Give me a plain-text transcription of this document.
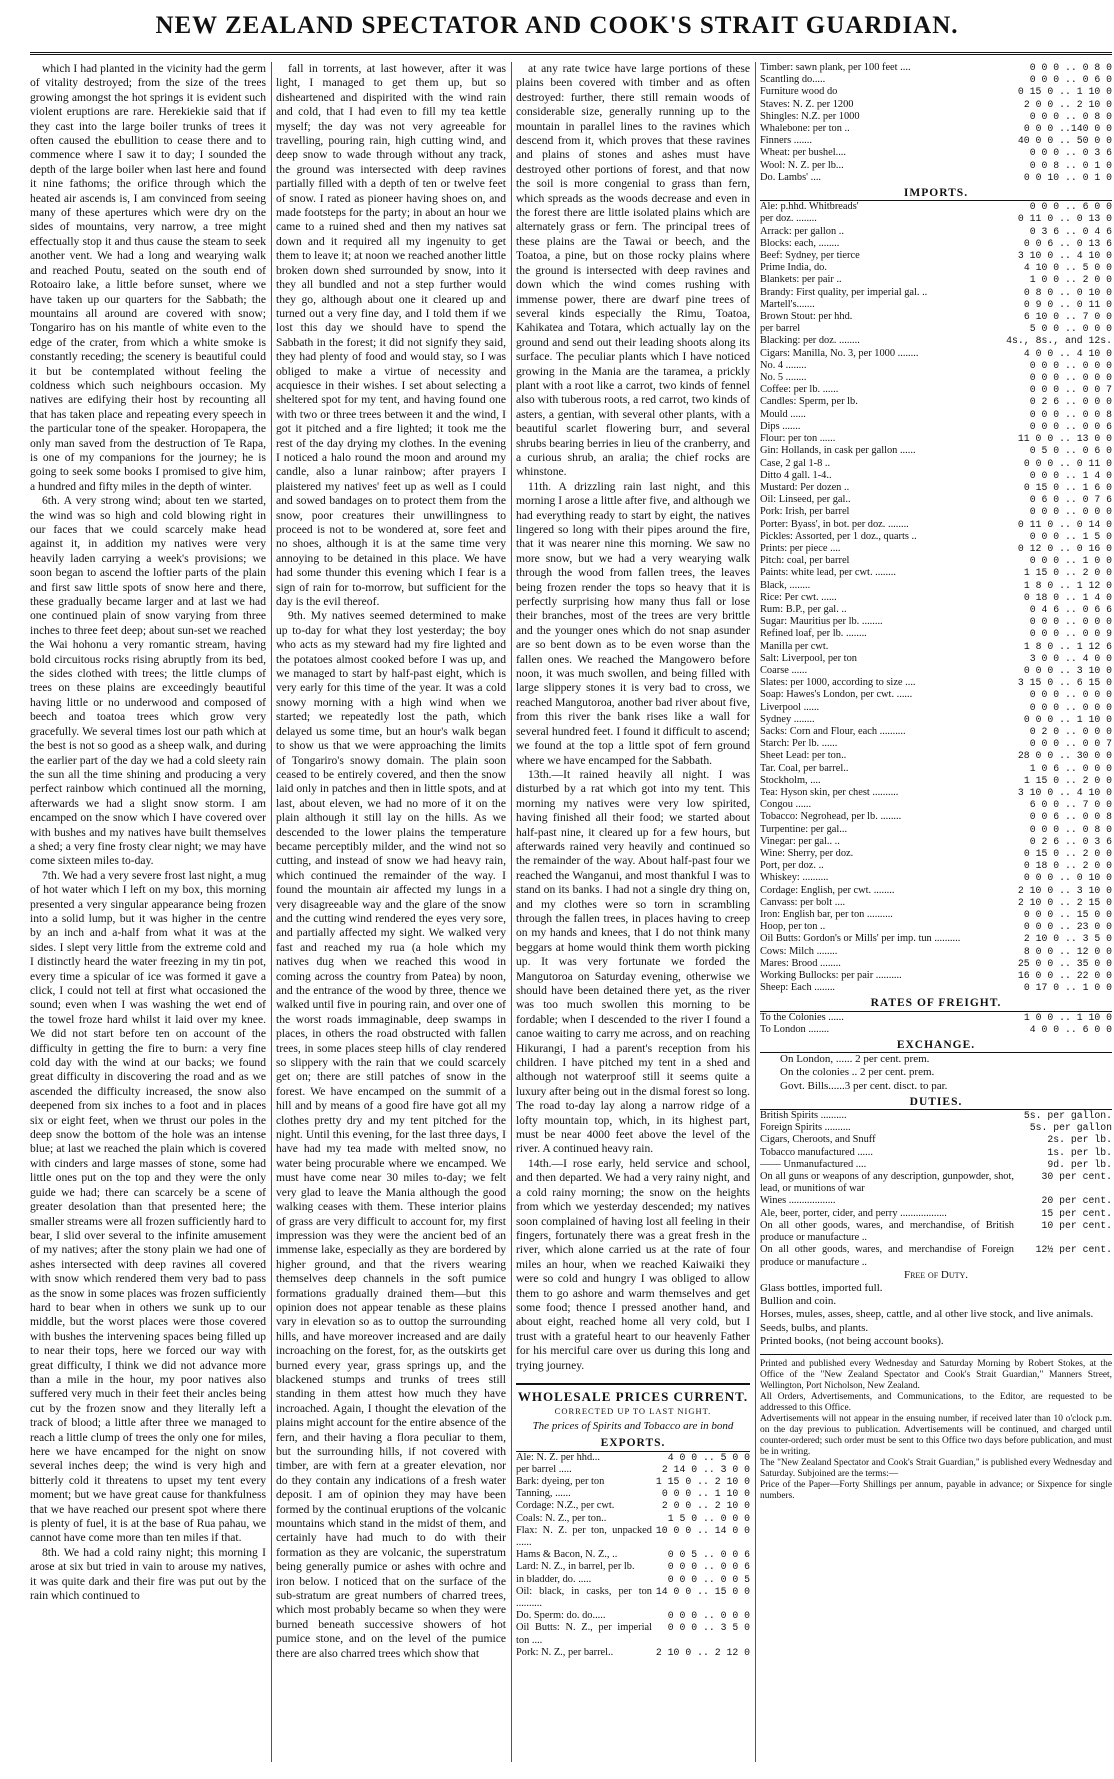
NEW ZEALAND SPECTATOR AND COOK'S STRAIT GUARDIAN.

which I had planted in the vicinity had the germ of vitality destroyed; from the size of the trees growing amongst the hot springs it is evident such violent eruptions are rare. Herekiekie said that if they cast into the large boiler trunks of trees it often caused the ebullition to cease there and to commence where I saw it to day; I sounded the depth of the large boiler when last here and found it nine fathoms; the orifice through which the heated air ascends is, I am convinced from seeing many of these apertures which were dry on the sides of mountains, very narrow, a tree might effectually stop it and thus cause the steam to seek another vent. We had a long and wearying walk and reached Poutu, seated on the south end of Rotoairo lake, a little before sunset, where we have taken up our quarters for the Sabbath; the mountains all around are covered with snow; Tongariro has on his mantle of white even to the edge of the crater, from which a white smoke is constantly receding; the scenery is beautiful could it but be contemplated without feeling the coldness which such neighbours occasion. My natives are edifying their host by recounting all that has taken place and repeating every speech in the particular tone of the speaker. Horopapera, the only man saved from the destruction of Te Rapa, is one of my companions for the journey; he is going to seek some books I promised to give him, a hundred and fifty miles in the depth of winter.

6th. A very strong wind; about ten we started, the wind was so high and cold blowing right in our faces that we could scarcely make head against it, in addition my natives were very heavily laden carrying a week's provisions; we soon began to ascend the loftier parts of the plain and first saw little spots of snow here and there, these gradually became larger and at last we had one continued plain of snow varying from three inches to three feet deep; about sun-set we reached the Wai hohonu a very romantic stream, having bold circuitous rocks rising abruptly from its bed, the sides clothed with trees; the little clumps of trees on these plains are exceedingly beautiful having little or no underwood and composed of beech and toatoa trees which grow very gracefully. We several times lost our path which at the best is not so good as a sheep walk, and during the earlier part of the day we had a cold sleety rain the sun all the time shining and producing a very perfect rainbow which continued all the morning, afterwards we had a slight snow storm. I am encamped on the snow which I have covered over with bushes and my natives have built themselves a shed; a very fine frosty clear night; we may have come sixteen miles to-day.

7th. We had a very severe frost last night, a mug of hot water which I left on my box, this morning presented a very singular appearance being frozen into a solid lump, but it was higher in the centre by an inch and a-half from what it was at the sides. I slept very little from the extreme cold and I distinctly heard the water freezing in my tin pot, every time a spicular of ice was formed it gave a click, I could not tell at first what occasioned the sound; even when I was washing the wet end of the towel froze hard whilst it laid over my knee. We did not start before ten on account of the difficulty in getting the fire to burn: a very fine cold day with the wind at our backs; we found great difficulty in discovering the road and as we ascended the difficulty increased, the snow also deepened from six inches to a foot and in places six or eight feet, when we thrust our poles in the deep snow the bottom of the hole was an intense blue; at last we reached the plain which is covered with cinders and large masses of stone, some had little ones put on the top and they were the only guide we had; there can scarcely be a scene of greater desolation than that presented here; the smaller streams were all frozen sufficiently hard to bear, I slid over several to the infinite amusement of my natives; after the stony plain we had one of ashes intersected with deep ravines all covered with snow which rendered them very bad to pass as the snow in some places was frozen sufficiently hard to bear when in others we sunk up to our middle, but the worst places were those covered with bushes the intervening spaces being filled up to near their tops, here we forced our way with great difficulty, I think we did not advance more than a mile in the hour, my poor natives also suffered very much in their feet their ancles being cut by the frozen snow and they literally left a track of blood; a little after three we managed to reach a little clump of trees the only one for miles, here we have encamped for the night on snow several inches deep; the wind is very high and bitterly cold it threatens to upset my tent every moment; but we have great cause for thankfulness that we have reached our present spot where there is plenty of fuel, it is at the base of Rua pahau, we cannot have come more than ten miles if that.

8th. We had a cold rainy night; this morning I arose at six but tried in vain to arouse my natives, it was quite dark and their fire was put out by the rain which continued to

fall in torrents, at last however, after it was light, I managed to get them up, but so disheartened and dispirited with the wind rain and cold, that I had even to fill my tea kettle myself; the day was not very agreeable for travelling, pouring rain, high cutting wind, and deep snow to wade through without any track, the ground was intersected with deep ravines partially filled with a depth of ten or twelve feet of snow. I rated as pioneer having shoes on, and made footsteps for the party; in about an hour we came to a ruined shed and then my natives sat down and it required all my ingenuity to get them to leave it; at noon we reached another little broken down shed surrounded by snow, into it they all bundled and not a step further would they go, although about one it cleared up and turned out a very fine day, and I told them if we lost this day we should have to spend the Sabbath in the forest; it did not signify they said, they had plenty of food and would stay, so I was obliged to make a virtue of necessity and acquiesce in their wishes. I set about selecting a sheltered spot for my tent, and having found one with two or three trees between it and the wind, I got it pitched and a fire lighted; it took me the rest of the day drying my clothes. In the evening I noticed a halo round the moon and around my candle, also a lunar rainbow; after prayers I plaistered my natives' feet up as well as I could and sowed bandages on to protect them from the snow, poor creatures their unwillingness to proceed is not to be wondered at, sore feet and no shoes, although it is at the same time very annoying to be detained in this place. We have had some thunder this evening which I fear is a sign of rain for to-morrow, but sufficient for the day is the evil thereof.

9th. My natives seemed determined to make up to-day for what they lost yesterday; the boy who acts as my steward had my fire lighted and the potatoes almost cooked before I was up, and we managed to start by half-past eight, which is very early for this time of the year. It was a cold snowy morning with a high wind when we started; we repeatedly lost the path, which delayed us some time, but an hour's walk began to show us that we were approaching the limits of Tongariro's snowy domain. The plain soon ceased to be entirely covered, and then the snow laid only in patches and then in little spots, and at last, about eleven, we had no more of it on the plain although it still lay on the hills. As we descended to the lower plains the temperature became perceptibly milder, and the wind not so cutting, and instead of snow we had heavy rain, which continued the remainder of the way. I found the mountain air affected my lungs in a very disagreeable way and the glare of the snow and the cutting wind rendered the eyes very sore, and partially affected my sight. We walked very fast and reached my rua (a hole which my natives dug when we reached this wood in coming across the country from Patea) by noon, and the entrance of the wood by three, thence we walked until five in pouring rain, and over one of the worst roads immaginable, deep swamps in places, in others the road obstructed with fallen trees, in some places steep hills of clay rendered so slippery with the rain that we could scarcely get on; there are still patches of snow in the forest. We have encamped on the summit of a hill and by means of a good fire have got all my clothes pretty dry and my tent pitched for the night. Until this evening, for the last three days, I have had my tea made with melted snow, no water being procurable where we encamped. We must have come near 30 miles to-day; we felt very glad to leave the Mania although the good walking ceases with them. These interior plains of grass are very difficult to account for, my first impression was they were the ancient bed of an immense lake, especially as they are bordered by higher ground, and that the rivers wearing themselves deep channels in the soft pumice formations gradually drained them—but this opinion does not appear tenable as these plains vary in elevation so as to outtop the surrounding hills, and have moreover increased and are daily incroaching on the forest, for, as the outskirts get burned every year, grass springs up, and the blackened stumps and trunks of trees still standing in them attest how much they have incroached. Again, I thought the elevation of the plains might account for the entire absence of the fern, and their having a flora peculiar to them, but the surrounding hills, if not covered with timber, are with fern at a greater elevation, nor do they contain any indications of a fresh water deposit. I am of opinion they may have been formed by the continual eruptions of the volcanic mountains which stand in the midst of them, and certainly have had much to do with their formation as they are volcanic, the superstratum being generally pumice or ashes with ochre and iron below. I noticed that on the surface of the sub-stratum are great numbers of charred trees, which most probably became so when they were burned beneath successive showers of hot pumice stone, and on the level of the pumice there are also charred trees which show that

at any rate twice have large portions of these plains been covered with timber and as often destroyed: further, there still remain woods of considerable size, generally running up to the mountain in parallel lines to the ravines which descend from it, which proves that these ravines and plains of stones and ashes must have destroyed other portions of forest, and that now the soil is more congenial to grass than fern, which spreads as the woods decrease and even in the forest there are little isolated plains which are alternately grass or fern. The principal trees of these plains are the Tawai or beech, and the Toatoa, a pine, but on those rocky plains where the ground is intersected with deep ravines and down which the wind comes rushing with immense power, there are dwarf pine trees of several kinds especially the Rimu, Toatoa, Kahikatea and Totara, which actually lay on the ground and send out their leading shoots along its surface. The peculiar plants which I have noticed growing in the Mania are the taramea, a prickly plant with a root like a carrot, two kinds of fennel also with tuberous roots, a red carrot, two kinds of asters, a gentian, with several other plants, with a beautiful scarlet flowering burr, and several shrubs bearing berries in lieu of the cranberry, and a curious shrub, an aralia; the chief rocks are whinstone.

11th. A drizzling rain last night, and this morning I arose a little after five, and although we had everything ready to start by eight, the natives lingered so long with their pipes around the fire, that it was nearer nine this morning. We saw no more snow, but we had a very wearying walk through the wood from fallen trees, the leaves being frozen render the tops so heavy that it is perfectly surprising how many thus fall or lose their branches, most of the trees are very brittle and the younger ones which do not snap asunder are so bent down as to be even worse than the fallen ones. We reached the Mangowero before noon, it was much swollen, and being filled with large slippery stones it is very bad to cross, we reached Mangutoroa, another bad river about five, from this river the bank rises like a wall for several hundred feet. I found it difficult to ascend; we found at the top a little spot of fern ground where we have encamped for the Sabbath.

13th.—It rained heavily all night. I was disturbed by a rat which got into my tent. This morning my natives were very low spirited, having finished all their food; we started about half-past nine, it cleared up for a few hours, but afterwards rained very heavily and continued so the remainder of the way. About half-past four we reached the Wanganui, and most thankful I was to stand on its banks. I had not a single dry thing on, and my clothes were so torn in scrambling through the fallen trees, in places having to creep on my hands and knees, that I do not think many beggars at home would think them worth picking up. It was very fortunate we forded the Mangutoroa on Saturday evening, otherwise we should have been detained there yet, as the river was too much swollen this morning to be fordable; when I descended to the river I found a canoe waiting to carry me across, and on reaching Hikurangi, I had a parent's reception from his children. I have pitched my tent in a shed and although not waterproof still it seems quite a luxury after being out in the dismal forest so long. The road to-day lay along a narrow ridge of a lofty mountain top, which, in its highest part, must be near 4000 feet above the level of the river. A continued heavy rain.

14th.—I rose early, held service and school, and then departed. We had a very rainy night, and a cold rainy morning; the snow on the heights from which we yesterday descended; my natives soon complained of having lost all feeling in their fingers, fortunately there was a great fresh in the river, which alone carried us at the rate of four miles an hour, when we reached Kaiwaiki they were so cold and hungry I was obliged to allow them to go ashore and warm themselves and get some food; thence I pressed another hand, and about eight, reached home all very cold, but I trust with a grateful heart to our heavenly Father for his merciful care over us during this long and trying journey.

WHOLESALE PRICES CURRENT.
CORRECTED UP TO LAST NIGHT.
The prices of Spirits and Tobacco are in bond
EXPORTS.
Ale: N. Z. per hhd...	4 0 0 .. 5 0 0
per barrel .....	2 14 0 .. 3 0 0
Bark: dyeing, per ton	1 15 0 .. 2 10 0
Tanning, ......	0 0 0 .. 1 10 0
Cordage: N.Z., per cwt.	2 0 0 .. 2 10 0
Coals: N. Z., per ton..	1 5 0 .. 0 0 0
Flax: N. Z. per ton, unpacked ......	10 0 0 .. 14 0 0
Hams & Bacon, N. Z., ..	0 0 5 .. 0 0 6
Lard: N. Z., in barrel, per lb.	0 0 0 .. 0 0 6
in bladder, do. .....	0 0 0 .. 0 0 5
Oil: black, in casks, per ton ..........	14 0 0 .. 15 0 0
Do. Sperm: do. do.....	0 0 0 .. 0 0 0
Oil Butts: N. Z., per imperial ton ....	0 0 0 .. 3 5 0
Pork: N. Z., per barrel..	2 10 0 .. 2 12 0
Timber: sawn plank, per 100 feet ....	0 0 0 .. 0 8 0
Scantling do.....	0 0 0 .. 0 6 0
Furniture wood do	0 15 0 .. 1 10 0
Staves: N. Z. per 1200	2 0 0 .. 2 10 0
Shingles: N.Z. per 1000	0 0 0 .. 0 8 0
Whalebone: per ton ..	0 0 0 ..140 0 0
Finners .......	40 0 0 .. 50 0 0
Wheat: per bushel....	0 0 0 .. 0 3 6
Wool: N. Z. per lb...	0 0 8 .. 0 1 0
Do. Lambs' ....	0 0 10 .. 0 1 0
IMPORTS.
Ale: p.hhd. Whitbreads'	0 0 0 .. 6 0 0
per doz. ........	0 11 0 .. 0 13 0
Arrack: per gallon ..	0 3 6 .. 0 4 6
Blocks: each, ........	0 0 6 .. 0 13 6
Beef: Sydney, per tierce	3 10 0 .. 4 10 0
Prime India, do.	4 10 0 .. 5 0 0
Blankets: per pair ..	1 0 0 .. 2 0 0
Brandy: First quality, per imperial gal. ..	0 8 0 .. 0 10 0
Martell's.......	0 9 0 .. 0 11 0
Brown Stout: per hhd.	6 10 0 .. 7 0 0
per barrel	5 0 0 .. 0 0 0
Blacking: per doz. ........	4s., 8s., and 12s.
Cigars: Manilla, No. 3, per 1000 ........	4 0 0 .. 4 10 0
No. 4 ........	0 0 0 .. 0 0 0
No. 5 ........	0 0 0 .. 0 0 0
Coffee: per lb. ......	0 0 0 .. 0 0 7
Candles: Sperm, per lb.	0 2 6 .. 0 0 0
Mould ......	0 0 0 .. 0 0 8
Dips .......	0 0 0 .. 0 0 6
Flour: per ton ......	11 0 0 .. 13 0 0
Gin: Hollands, in cask per gallon ......	0 5 0 .. 0 6 0
Case, 2 gal 1-8 ..	0 0 0 .. 0 11 0
Ditto 4 gall. 1-4..	0 0 0 .. 1 4 0
Mustard: Per dozen ..	0 15 0 .. 1 6 0
Oil: Linseed, per gal..	0 6 0 .. 0 7 6
Pork: Irish, per barrel	0 0 0 .. 0 0 0
Porter: Byass', in bot. per doz. ........	0 11 0 .. 0 14 0
Pickles: Assorted, per 1 doz., quarts ..	0 0 0 .. 1 5 0
Prints: per piece ....	0 12 0 .. 0 16 0
Pitch: coal, per barrel	0 0 0 .. 1 0 0
Paints: white lead, per cwt. ........	1 15 0 .. 2 0 0
Black, ........	1 8 0 .. 1 12 0
Rice: Per cwt. ......	0 18 0 .. 1 4 0
Rum: B.P., per gal. ..	0 4 6 .. 0 6 6
Sugar: Mauritius per lb. ........	0 0 0 .. 0 0 0
Refined loaf, per lb. ........	0 0 0 .. 0 0 9
Manilla per cwt.	1 8 0 .. 1 12 6
Salt: Liverpool, per ton	3 0 0 .. 4 0 0
Coarse ......	0 0 0 .. 3 10 0
Slates: per 1000, according to size ....	3 15 0 .. 6 15 0
Soap: Hawes's London, per cwt. ......	0 0 0 .. 0 0 0
Liverpool ......	0 0 0 .. 0 0 0
Sydney ........	0 0 0 .. 1 10 0
Sacks: Corn and Flour, each ..........	0 2 0 .. 0 0 0
Starch: Per lb. ......	0 0 0 .. 0 0 7
Sheet Lead: per ton..	28 0 0 .. 30 0 0
Tar. Coal, per barrel..	1 0 6 .. 0 0 0
Stockholm, ....	1 15 0 .. 2 0 0
Tea: Hyson skin, per chest ..........	3 10 0 .. 4 10 0
Congou ......	6 0 0 .. 7 0 0
Tobacco: Negrohead, per lb. ........	0 0 6 .. 0 0 8
Turpentine: per gal...	0 0 0 .. 0 8 0
Vinegar: per gal.. ..	0 2 6 .. 0 3 6
Wine: Sherry, per doz.	0 15 0 .. 2 0 0
Port, per doz. ..	0 18 0 .. 2 0 0
Whiskey: ..........	0 0 0 .. 0 10 0
Cordage: English, per cwt. ........	2 10 0 .. 3 10 0
Canvass: per bolt ....	2 10 0 .. 2 15 0
Iron: English bar, per ton ..........	0 0 0 .. 15 0 0
Hoop, per ton ..	0 0 0 .. 23 0 0
Oil Butts: Gordon's or Mills' per imp. tun ..........	2 10 0 .. 3 5 0
Cows: Milch ........	8 0 0 .. 12 0 0
Mares: Brood ........	25 0 0 .. 35 0 0
Working Bullocks: per pair ..........	16 0 0 .. 22 0 0
Sheep: Each ........	0 17 0 .. 1 0 0
RATES OF FREIGHT.
To the Colonies ......	1 0 0 .. 1 10 0
To London ........	4 0 0 .. 6 0 0
EXCHANGE.
On London, ...... 2 per cent. prem.
On the colonies .. 2 per cent. prem.
Govt. Bills......3 per cent. disct. to par.
DUTIES.
British Spirits ..........	5s. per gallon.
Foreign Spirits ..........	5s. per gallon
Cigars, Cheroots, and Snuff	2s. per lb.
Tobacco manufactured ......	1s. per lb.
—— Unmanufactured ....	9d. per lb.
On all guns or weapons of any description, gunpowder, shot, lead, or munitions of war	30 per cent.
Wines ..................	20 per cent.
Ale, beer, porter, cider, and perry ..................	15 per cent.
On all other goods, wares, and merchandise, of British produce or manufacture ..	10 per cent.
On all other goods, wares, and merchandise of Foreign produce or manufacture ..	12½ per cent.
Free of Duty.
Glass bottles, imported full.
Bullion and coin.
Horses, mules, asses, sheep, cattle, and al other live stock, and live animals.
Seeds, bulbs, and plants.
Printed books, (not being account books).
Printed and published every Wednesday and Saturday Morning by Robert Stokes, at the Office of the "New Zealand Spectator and Cook's Strait Guardian," Manners Street, Wellington, Port Nicholson, New Zealand.
All Orders, Advertisements, and Communications, to the Editor, are requested to be addressed to this Office.
Advertisements will not appear in the ensuing number, if received later than 10 o'clock p.m. on the day previous to publication. Advertisements will be continued, and charged until counter-ordered; such order must be sent to this Office two days before publication, and must be in writing.
The "New Zealand Spectator and Cook's Strait Guardian," is published every Wednesday and Saturday. Subjoined are the terms:—
Price of the Paper—Forty Shillings per annum, payable in advance; or Sixpence for single numbers.
